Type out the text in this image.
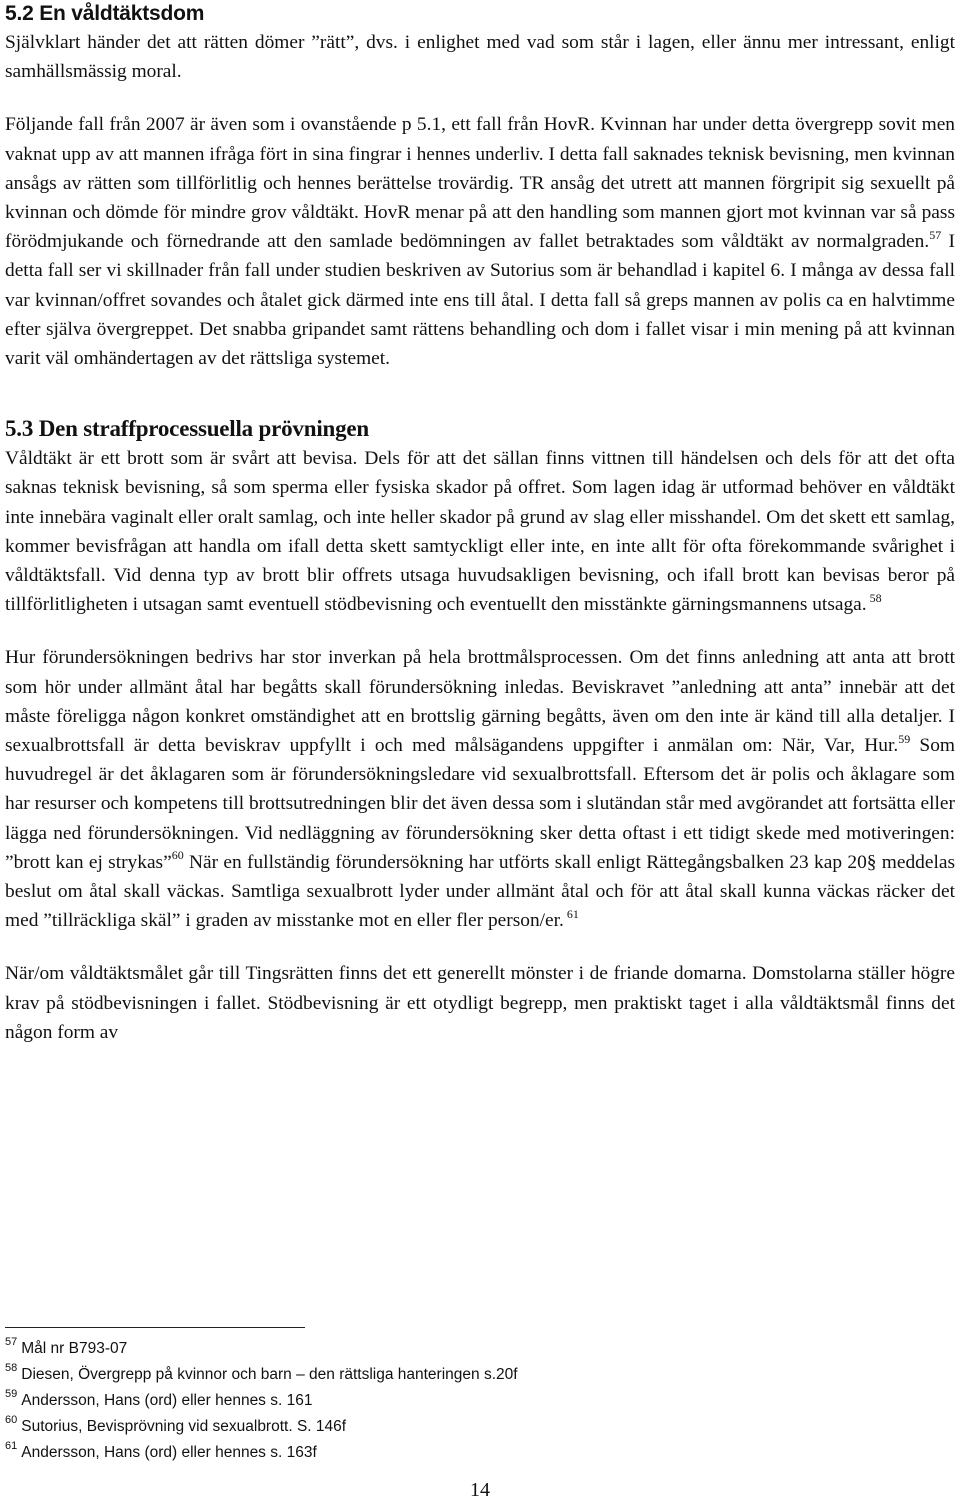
5.2 En våldtäktsdom

Självklart händer det att rätten dömer ”rätt”, dvs. i enlighet med vad som står i lagen, eller ännu mer intressant, enligt samhällsmässig moral.

Följande fall från 2007 är även som i ovanstående p 5.1, ett fall från HovR. Kvinnan har under detta övergrepp sovit men vaknat upp av att mannen ifråga fört in sina fingrar i hennes underliv. I detta fall saknades teknisk bevisning, men kvinnan ansågs av rätten som tillförlitlig och hennes berättelse trovärdig. TR ansåg det utrett att mannen förgripit sig sexuellt på kvinnan och dömde för mindre grov våldtäkt. HovR menar på att den handling som mannen gjort mot kvinnan var så pass förödmjukande och förnedrande att den samlade bedömningen av fallet betraktades som våldtäkt av normalgraden.$^{57}$ I detta fall ser vi skillnader från fall under studien beskriven av Sutorius som är behandlad i kapitel 6. I många av dessa fall var kvinnan/offret sovandes och åtalet gick därmed inte ens till åtal. I detta fall så greps mannen av polis ca en halvtimme efter själva övergreppet. Det snabba gripandet samt rättens behandling och dom i fallet visar i min mening på att kvinnan varit väl omhändertagen av det rättsliga systemet.

5.3 Den straffprocessuella prövningen

Våldtäkt är ett brott som är svårt att bevisa. Dels för att det sällan finns vittnen till händelsen och dels för att det ofta saknas teknisk bevisning, så som sperma eller fysiska skador på offret. Som lagen idag är utformad behöver en våldtäkt inte innebära vaginalt eller oralt samlag, och inte heller skador på grund av slag eller misshandel. Om det skett ett samlag, kommer bevisfrågan att handla om ifall detta skett samtyckligt eller inte, en inte allt för ofta förekommande svårighet i våldtäktsfall. Vid denna typ av brott blir offrets utsaga huvudsakligen bevisning, och ifall brott kan bevisas beror på tillförlitligheten i utsagan samt eventuell stödbevisning och eventuellt den misstänkte gärningsmannens utsaga. $^{58}$

Hur förundersökningen bedrivs har stor inverkan på hela brottmålsprocessen. Om det finns anledning att anta att brott som hör under allmänt åtal har begåtts skall förundersökning inledas. Beviskravet ”anledning att anta” innebär att det måste föreligga någon konkret omständighet att en brottslig gärning begåtts, även om den inte är känd till alla detaljer. I sexualbrottsfall är detta beviskrav uppfyllt i och med målsägandens uppgifter i anmälan om: När, Var, Hur.$^{59}$ Som huvudregel är det åklagaren som är förundersökningsledare vid sexualbrottsfall. Eftersom det är polis och åklagare som har resurser och kompetens till brottsutredningen blir det även dessa som i slutändan står med avgörandet att fortsätta eller lägga ned förundersökningen. Vid nedläggning av förundersökning sker detta oftast i ett tidigt skede med motiveringen: ”brott kan ej strykas”$^{60}$ När en fullständig förundersökning har utförts skall enligt Rättegångsbalken 23 kap 20§ meddelas beslut om åtal skall väckas. Samtliga sexualbrott lyder under allmänt åtal och för att åtal skall kunna väckas räcker det med ”tillräckliga skäl” i graden av misstanke mot en eller fler person/er. $^{61}$

När/om våldtäktsmålet går till Tingsrätten finns det ett generellt mönster i de friande domarna. Domstolarna ställer högre krav på stödbevisningen i fallet. Stödbevisning är ett otydligt begrepp, men praktiskt taget i alla våldtäktsmål finns det någon form av

$^{57}$ Mål nr B793-07
$^{58}$ Diesen, Övergrepp på kvinnor och barn – den rättsliga hanteringen s.20f
$^{59}$ Andersson, Hans (ord) eller hennes s. 161
$^{60}$ Sutorius, Bevisprövning vid sexualbrott. S. 146f
$^{61}$ Andersson, Hans (ord) eller hennes s. 163f
14
